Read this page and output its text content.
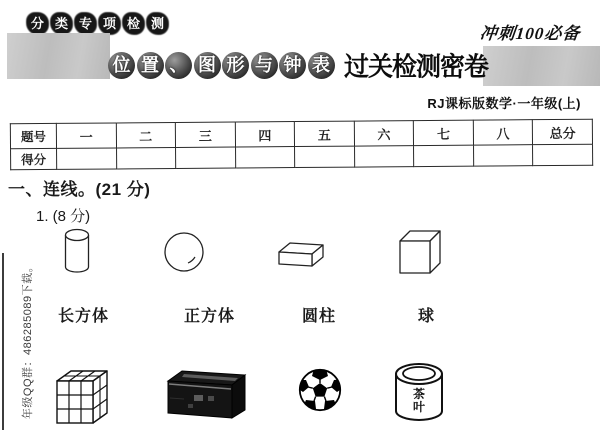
分 类 专 项 检 测
位 置 、 图 形 与 钟 表 过关检测密卷
冲刺100必备
RJ课标版数学·一年级(上)
题号	一	二	三	四	五	六	七	八	总分
得分									
一、连线。(21 分)
1. (8 分)
茶
叶
年级QQ群：486285089下载。 长方体	正方体	圆柱	球
